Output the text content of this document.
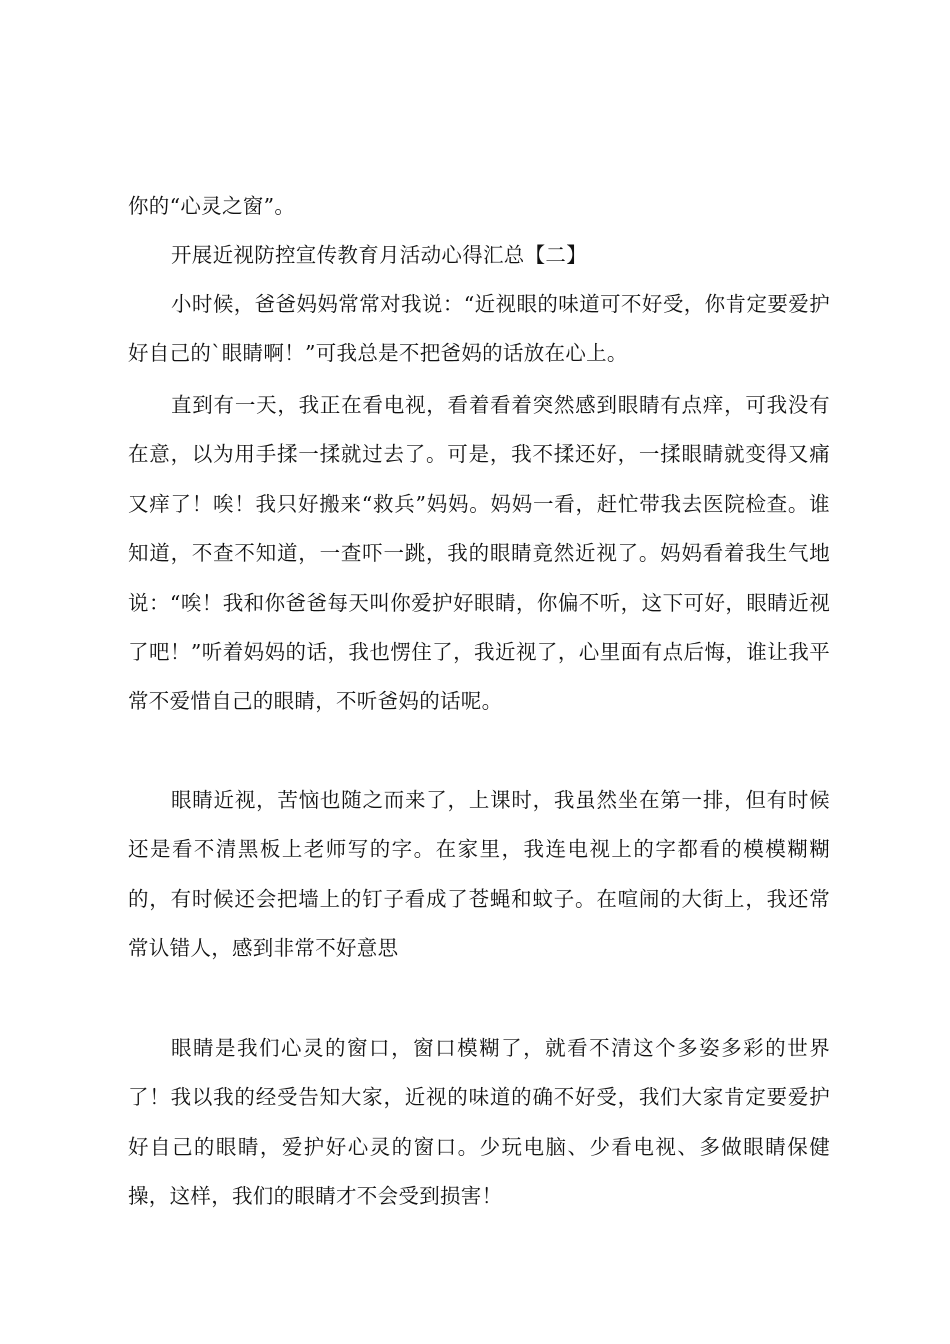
你的“心灵之窗”。

开展近视防控宣传教育月活动心得汇总【二】

小时候，爸爸妈妈常常对我说：“近视眼的味道可不好受，你肯定要爱护好自己的`眼睛啊！”可我总是不把爸妈的话放在心上。

直到有一天，我正在看电视，看着看着突然感到眼睛有点痒，可我没有在意，以为用手揉一揉就过去了。可是，我不揉还好，一揉眼睛就变得又痛又痒了！唉！我只好搬来“救兵”妈妈。妈妈一看，赶忙带我去医院检查。谁知道，不查不知道，一查吓一跳，我的眼睛竟然近视了。妈妈看着我生气地说：“唉！我和你爸爸每天叫你爱护好眼睛，你偏不听，这下可好，眼睛近视了吧！”听着妈妈的话，我也愣住了，我近视了，心里面有点后悔，谁让我平常不爱惜自己的眼睛，不听爸妈的话呢。

眼睛近视，苦恼也随之而来了，上课时，我虽然坐在第一排，但有时候还是看不清黑板上老师写的字。在家里，我连电视上的字都看的模模糊糊的，有时候还会把墙上的钉子看成了苍蝇和蚊子。在喧闹的大街上，我还常常认错人，感到非常不好意思

眼睛是我们心灵的窗口，窗口模糊了，就看不清这个多姿多彩的世界了！我以我的经受告知大家，近视的味道的确不好受，我们大家肯定要爱护好自己的眼睛，爱护好心灵的窗口。少玩电脑、少看电视、多做眼睛保健操，这样，我们的眼睛才不会受到损害！
